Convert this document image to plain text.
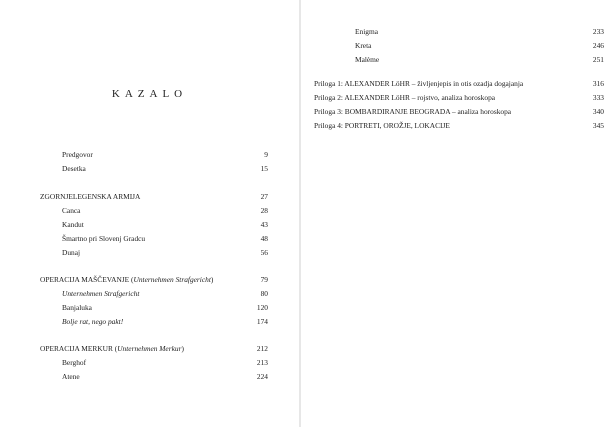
KAZALO
Predgovor	9
Desetka	15
ZGORNJELEGENSKA ARMIJA	27
Canca	28
Kandut	43
Šmartno pri Slovenj Gradcu	48
Dunaj	56
OPERACIJA MAŠČEVANJE (Unternehmen Strafgericht)	79
Unternehmen Strafgericht	80
Banjaluka	120
Bolje rat, nego pakt!	174
OPERACIJA MERKUR (Unternehmen Merkur)	212
Berghof	213
Atene	224
Enigma	233
Kreta	246
Malème	251
Priloga 1: ALEXANDER LöHR – življenjepis in otis ozadja dogajanja	316
Priloga 2: ALEXANDER LöHR – rojstvo, analiza horoskopa	333
Priloga 3: BOMBARDIRANJE BEOGRADA – analiza horoskopa	340
Priloga 4: PORTRETI, OROŽJE, LOKACIJE	345
